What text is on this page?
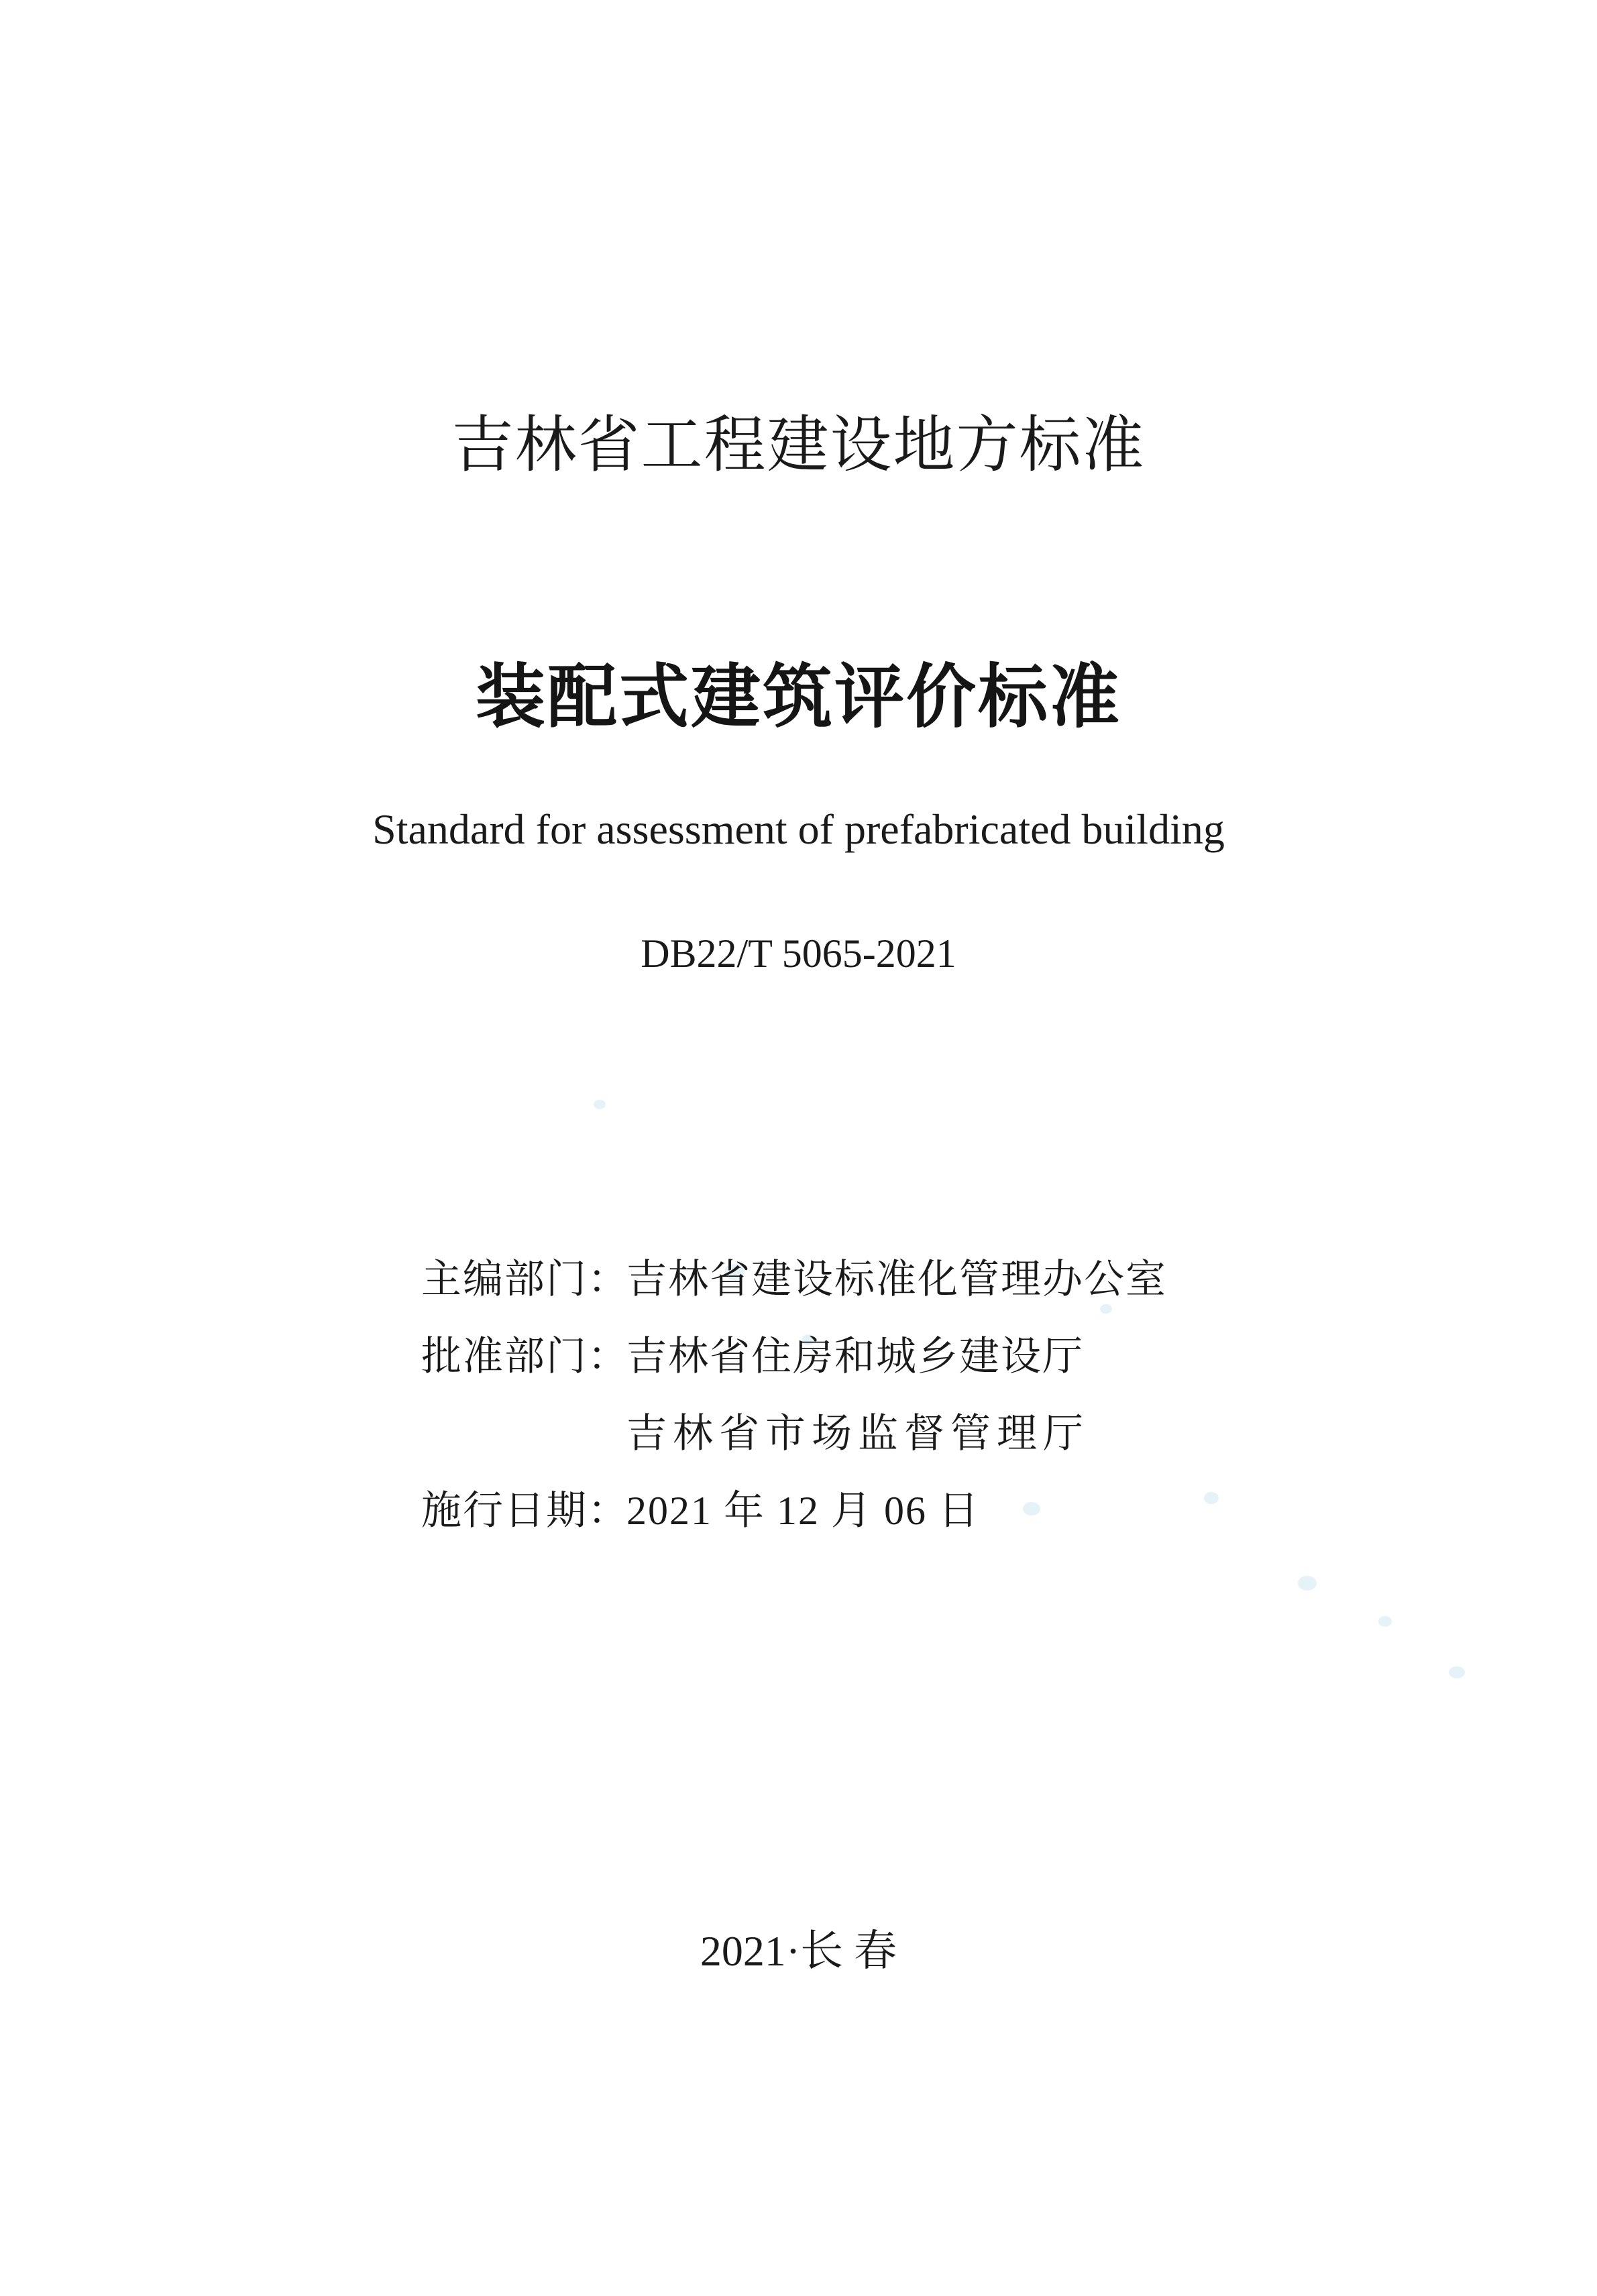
吉林省工程建设地方标准
装配式建筑评价标准
Standard for assessment of prefabricated building
DB22/T 5065-2021
主编部门：
吉林省建设标准化管理办公室
批准部门：
吉林省住房和城乡建设厅
吉林省市场监督管理厅
施行日期：
2021 年 12 月 06 日
2021·长 春
